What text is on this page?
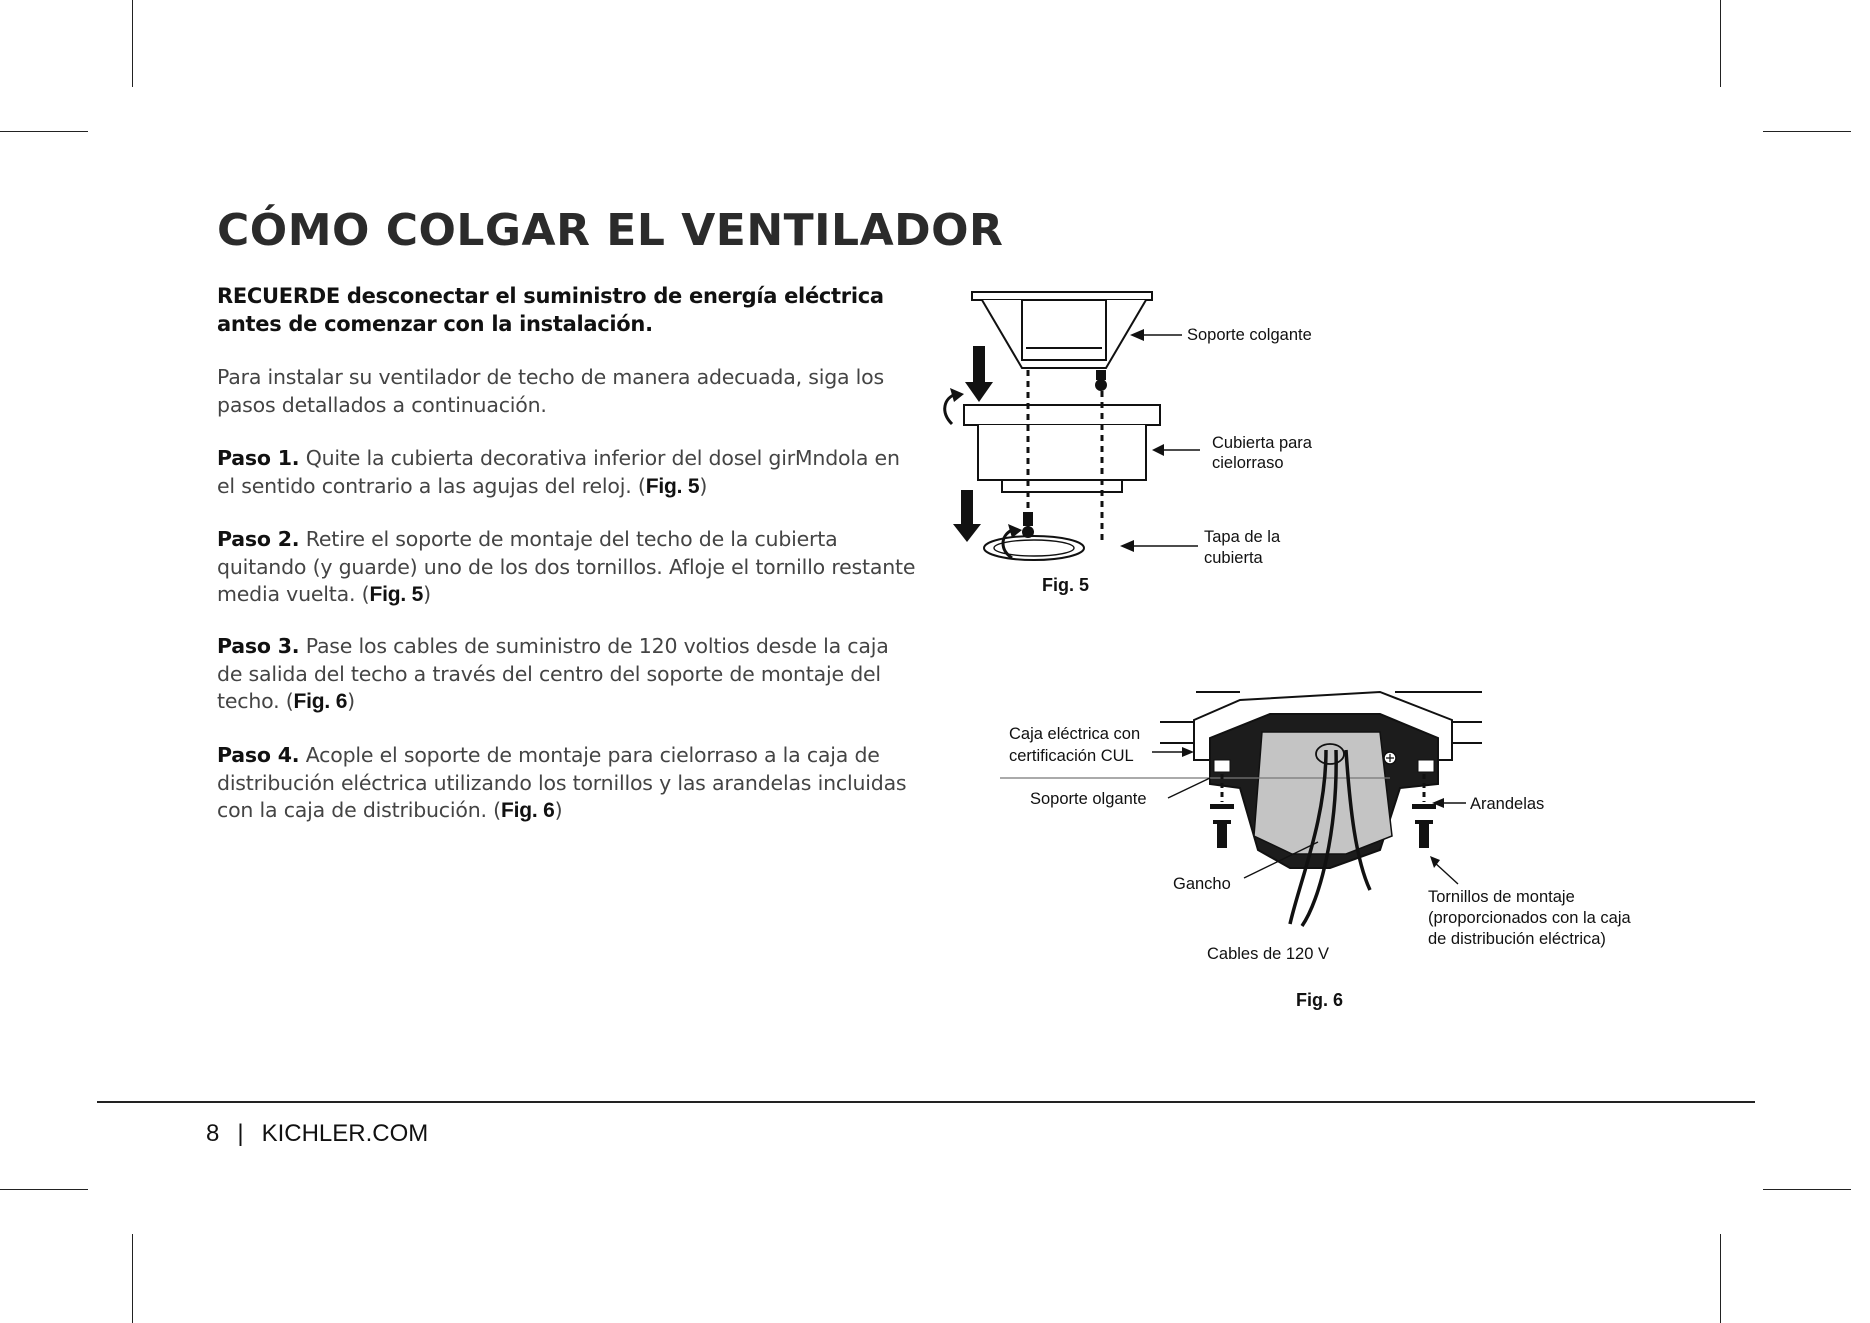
CÓMO COLGAR EL VENTILADOR
RECUERDE desconectar el suministro de energía eléctrica antes de comenzar con la instalación.
Para instalar su ventilador de techo de manera adecuada, siga los pasos detallados a continuación.
Paso 1. Quite la cubierta decorativa inferior del dosel girMndola en el sentido contrario a las agujas del reloj. (Fig. 5)
Paso 2. Retire el soporte de montaje del techo de la cubierta quitando (y guarde) uno de los dos tornillos. Afloje el tornillo restante media vuelta. (Fig. 5)
Paso 3. Pase los cables de suministro de 120 voltios desde la caja de salida del techo a través del centro del soporte de montaje del techo. (Fig. 6)
Paso 4. Acople el soporte de montaje para cielorraso a la caja de distribución eléctrica utilizando los tornillos y las arandelas incluidas con la caja de distribución. (Fig. 6)
Soporte colgante
Cubierta para
cielorraso
Tapa de la
cubierta
Fig. 5
Caja eléctrica con
certificación CUL
Soporte olgante	Arandelas
Gancho
Tornillos de montaje
(proporcionados con la caja
de distribución eléctrica)
Cables de 120 V
Fig. 6
8 | KICHLER.COM
